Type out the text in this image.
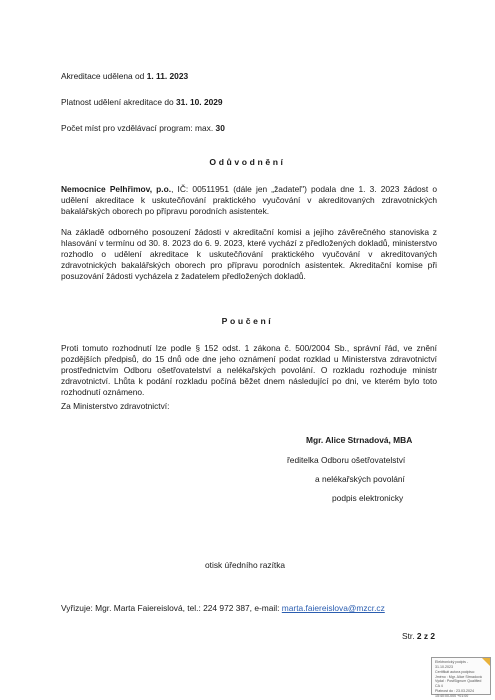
Akreditace udělena od 1. 11. 2023
Platnost udělení akreditace do 31. 10. 2029
Počet míst pro vzdělávací program: max. 30
Odůvodnění
Nemocnice Pelhřimov, p.o., IČ: 00511951 (dále jen „žadatel") podala dne 1. 3. 2023 žádost o udělení akreditace k uskutečňování praktického vyučování v akreditovaných zdravotnických bakalářských oborech po přípravu porodních asistentek.
Na základě odborného posouzení žádosti v akreditační komisi a jejího závěrečného stanoviska z hlasování v termínu od 30. 8. 2023 do 6. 9. 2023, které vychází z předložených dokladů, ministerstvo rozhodlo o udělení akreditace k uskutečňování praktického vyučování v akreditovaných zdravotnických bakalářských oborech pro přípravu porodních asistentek. Akreditační komise při posuzování žádosti vycházela z žadatelem předložených dokladů.
Poučení
Proti tomuto rozhodnutí lze podle § 152 odst. 1 zákona č. 500/2004 Sb., správní řád, ve znění pozdějších předpisů, do 15 dnů ode dne jeho oznámení podat rozklad u Ministerstva zdravotnictví prostřednictvím Odboru ošetřovatelství a nelékařských povolání. O rozkladu rozhoduje ministr zdravotnictví. Lhůta k podání rozkladu počíná běžet dnem následující po dni, ve kterém bylo toto rozhodnutí oznámeno.
Za Ministerstvo zdravotnictví:
Mgr. Alice Strnadová, MBA
ředitelka Odboru ošetřovatelství
a nelékařských povolání
podpis elektronicky
otisk úředního razítka
Vyřizuje: Mgr. Marta Faiereislová, tel.: 224 972 387, e-mail: marta.faiereislova@mzcr.cz
Str. 2 z 2
Elektronický podpis - 31.10.2023
Certifikát autora podpisu:
Jméno : Mgr. Alice Strnadová
Vydal : PostSignum Qualified CA 4
Platnost do : 23.03.2024 15:40:00-000 +01:00
